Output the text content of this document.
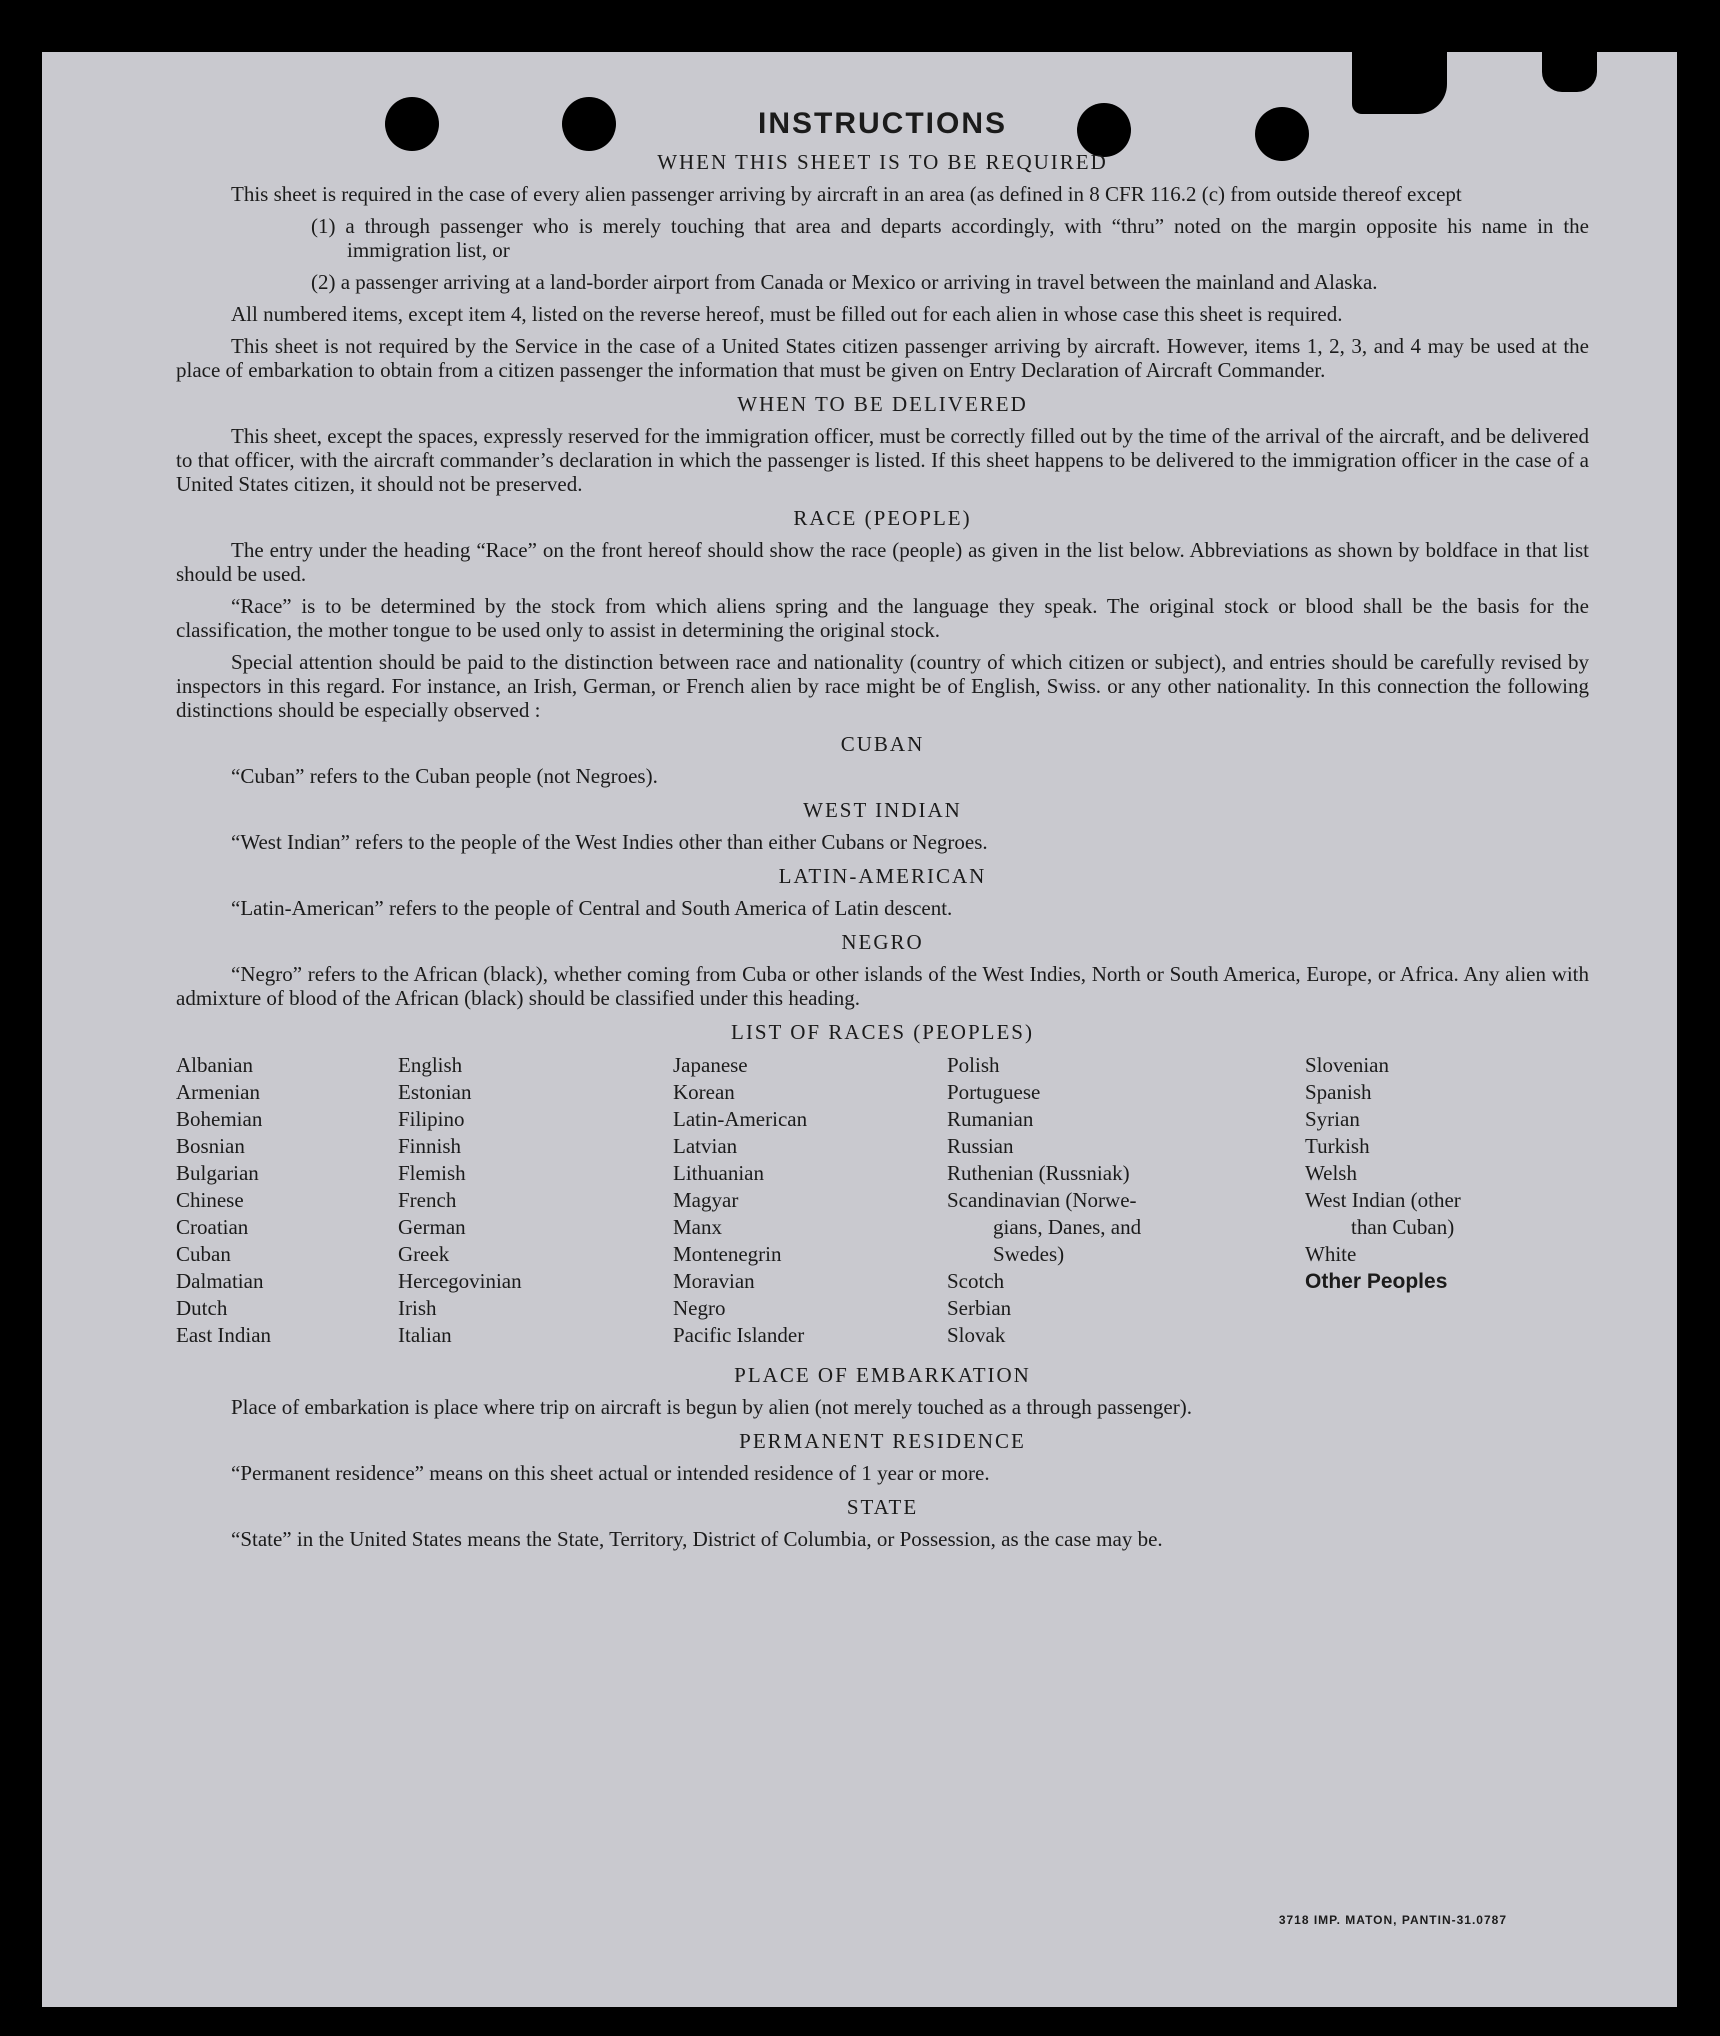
INSTRUCTIONS
WHEN THIS SHEET IS TO BE REQUIRED

This sheet is required in the case of every alien passenger arriving by aircraft in an area (as defined in 8 CFR 116.2 (c) from outside thereof except

(1) a through passenger who is merely touching that area and departs accordingly, with “thru” noted on the margin opposite his name in the immigration list, or
(2) a passenger arriving at a land-border airport from Canada or Mexico or arriving in travel between the mainland and Alaska.

All numbered items, except item 4, listed on the reverse hereof, must be filled out for each alien in whose case this sheet is required.

This sheet is not required by the Service in the case of a United States citizen passenger arriving by aircraft. However, items 1, 2, 3, and 4 may be used at the place of embarkation to obtain from a citizen passenger the information that must be given on Entry Declaration of Aircraft Commander.

WHEN TO BE DELIVERED

This sheet, except the spaces, expressly reserved for the immigration officer, must be correctly filled out by the time of the arrival of the aircraft, and be delivered to that officer, with the aircraft commander’s declaration in which the passenger is listed. If this sheet happens to be delivered to the immigration officer in the case of a United States citizen, it should not be preserved.

RACE (PEOPLE)

The entry under the heading “Race” on the front hereof should show the race (people) as given in the list below. Abbreviations as shown by boldface in that list should be used.

“Race” is to be determined by the stock from which aliens spring and the language they speak. The original stock or blood shall be the basis for the classification, the mother tongue to be used only to assist in determining the original stock.

Special attention should be paid to the distinction between race and nationality (country of which citizen or subject), and entries should be carefully revised by inspectors in this regard. For instance, an Irish, German, or French alien by race might be of English, Swiss. or any other nationality. In this connection the following distinctions should be especially observed :

CUBAN

“Cuban” refers to the Cuban people (not Negroes).

WEST INDIAN

“West Indian” refers to the people of the West Indies other than either Cubans or Negroes.

LATIN-AMERICAN

“Latin-American” refers to the people of Central and South America of Latin descent.

NEGRO

“Negro” refers to the African (black), whether coming from Cuba or other islands of the West Indies, North or South America, Europe, or Africa. Any alien with admixture of blood of the African (black) should be classified under this heading.

LIST OF RACES (PEOPLES)
Albanian
Armenian
Bohemian
Bosnian
Bulgarian
Chinese
Croatian
Cuban
Dalmatian
Dutch
East Indian
English
Estonian
Filipino
Finnish
Flemish
French
German
Greek
Hercegovinian
Irish
Italian
Japanese
Korean
Latin-American
Latvian
Lithuanian
Magyar
Manx
Montenegrin
Moravian
Negro
Pacific Islander
Polish
Portuguese
Rumanian
Russian
Ruthenian (Russniak)
Scandinavian (Norwe-
gians, Danes, and
Swedes)
Scotch
Serbian
Slovak
Slovenian
Spanish
Syrian
Turkish
Welsh
West Indian (other
than Cuban)
White
Other Peoples
PLACE OF EMBARKATION

Place of embarkation is place where trip on aircraft is begun by alien (not merely touched as a through passenger).

PERMANENT RESIDENCE

“Permanent residence” means on this sheet actual or intended residence of 1 year or more.

STATE

“State” in the United States means the State, Territory, District of Columbia, or Possession, as the case may be.

3718 IMP. MATON, PANTIN-31.0787
